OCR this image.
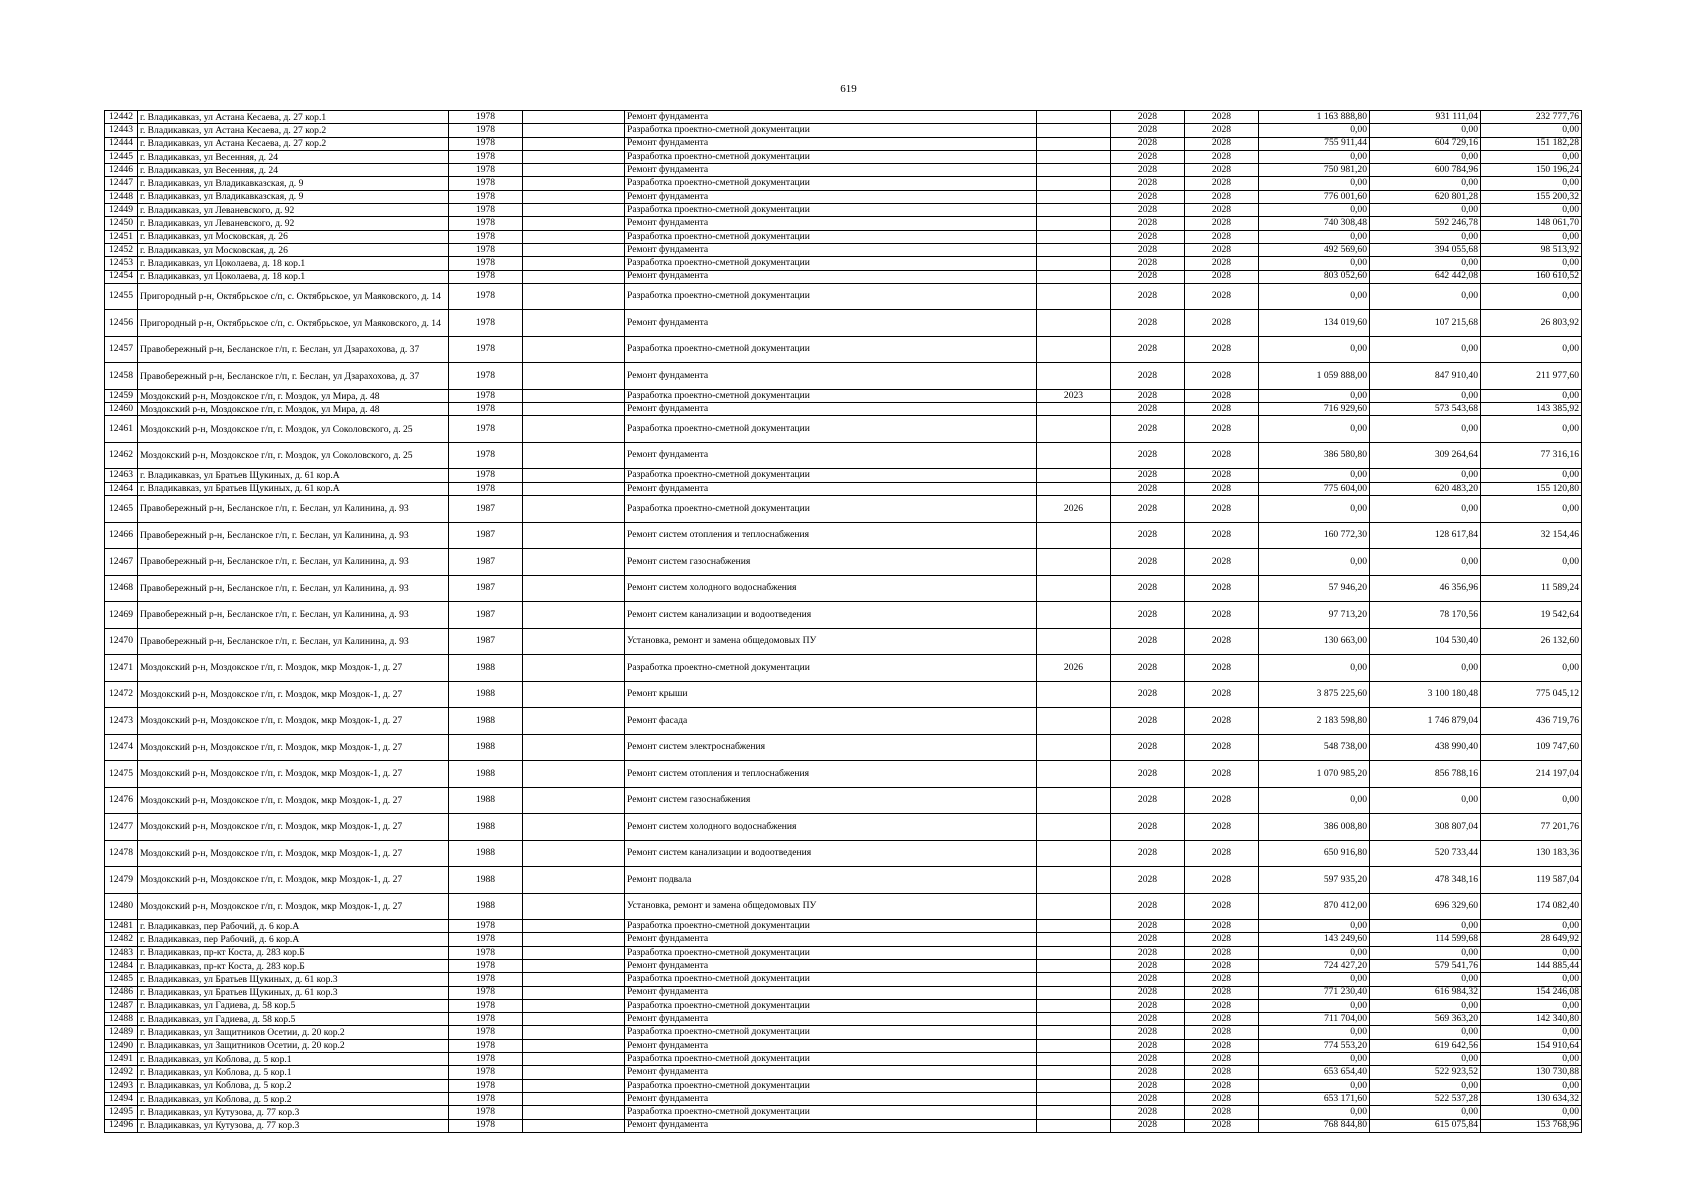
619
12442	г. Владикавказ, ул Астана Кесаева, д. 27 кор.1	1978		Ремонт фундамента		2028	2028	1 163 888,80	931 111,04	232 777,76
12443	г. Владикавказ, ул Астана Кесаева, д. 27 кор.2	1978		Разработка проектно-сметной документации		2028	2028	0,00	0,00	0,00
12444	г. Владикавказ, ул Астана Кесаева, д. 27 кор.2	1978		Ремонт фундамента		2028	2028	755 911,44	604 729,16	151 182,28
12445	г. Владикавказ, ул Весенняя, д. 24	1978		Разработка проектно-сметной документации		2028	2028	0,00	0,00	0,00
12446	г. Владикавказ, ул Весенняя, д. 24	1978		Ремонт фундамента		2028	2028	750 981,20	600 784,96	150 196,24
12447	г. Владикавказ, ул Владикавказская, д. 9	1978		Разработка проектно-сметной документации		2028	2028	0,00	0,00	0,00
12448	г. Владикавказ, ул Владикавказская, д. 9	1978		Ремонт фундамента		2028	2028	776 001,60	620 801,28	155 200,32
12449	г. Владикавказ, ул Леваневского, д. 92	1978		Разработка проектно-сметной документации		2028	2028	0,00	0,00	0,00
12450	г. Владикавказ, ул Леваневского, д. 92	1978		Ремонт фундамента		2028	2028	740 308,48	592 246,78	148 061,70
12451	г. Владикавказ, ул Московская, д. 26	1978		Разработка проектно-сметной документации		2028	2028	0,00	0,00	0,00
12452	г. Владикавказ, ул Московская, д. 26	1978		Ремонт фундамента		2028	2028	492 569,60	394 055,68	98 513,92
12453	г. Владикавказ, ул Цоколаева, д. 18 кор.1	1978		Разработка проектно-сметной документации		2028	2028	0,00	0,00	0,00
12454	г. Владикавказ, ул Цоколаева, д. 18 кор.1	1978		Ремонт фундамента		2028	2028	803 052,60	642 442,08	160 610,52
12455	Пригородный р-н, Октябрьское с/п, с. Октябрьское, ул Маяковского, д. 14	1978		Разработка проектно-сметной документации		2028	2028	0,00	0,00	0,00
12456	Пригородный р-н, Октябрьское с/п, с. Октябрьское, ул Маяковского, д. 14	1978		Ремонт фундамента		2028	2028	134 019,60	107 215,68	26 803,92
12457	Правобережный р-н, Бесланское г/п, г. Беслан, ул Дзарахохова, д. 37	1978		Разработка проектно-сметной документации		2028	2028	0,00	0,00	0,00
12458	Правобережный р-н, Бесланское г/п, г. Беслан, ул Дзарахохова, д. 37	1978		Ремонт фундамента		2028	2028	1 059 888,00	847 910,40	211 977,60
12459	Моздокский р-н, Моздокское г/п, г. Моздок, ул Мира, д. 48	1978		Разработка проектно-сметной документации	2023	2028	2028	0,00	0,00	0,00
12460	Моздокский р-н, Моздокское г/п, г. Моздок, ул Мира, д. 48	1978		Ремонт фундамента		2028	2028	716 929,60	573 543,68	143 385,92
12461	Моздокский р-н, Моздокское г/п, г. Моздок, ул Соколовского, д. 25	1978		Разработка проектно-сметной документации		2028	2028	0,00	0,00	0,00
12462	Моздокский р-н, Моздокское г/п, г. Моздок, ул Соколовского, д. 25	1978		Ремонт фундамента		2028	2028	386 580,80	309 264,64	77 316,16
12463	г. Владикавказ, ул Братьев Щукиных, д. 61 кор.А	1978		Разработка проектно-сметной документации		2028	2028	0,00	0,00	0,00
12464	г. Владикавказ, ул Братьев Щукиных, д. 61 кор.А	1978		Ремонт фундамента		2028	2028	775 604,00	620 483,20	155 120,80
12465	Правобережный р-н, Бесланское г/п, г. Беслан, ул Калинина, д. 93	1987		Разработка проектно-сметной документации	2026	2028	2028	0,00	0,00	0,00
12466	Правобережный р-н, Бесланское г/п, г. Беслан, ул Калинина, д. 93	1987		Ремонт систем отопления и теплоснабжения		2028	2028	160 772,30	128 617,84	32 154,46
12467	Правобережный р-н, Бесланское г/п, г. Беслан, ул Калинина, д. 93	1987		Ремонт систем газоснабжения		2028	2028	0,00	0,00	0,00
12468	Правобережный р-н, Бесланское г/п, г. Беслан, ул Калинина, д. 93	1987		Ремонт систем холодного водоснабжения		2028	2028	57 946,20	46 356,96	11 589,24
12469	Правобережный р-н, Бесланское г/п, г. Беслан, ул Калинина, д. 93	1987		Ремонт систем канализации и водоотведения		2028	2028	97 713,20	78 170,56	19 542,64
12470	Правобережный р-н, Бесланское г/п, г. Беслан, ул Калинина, д. 93	1987		Установка, ремонт и замена общедомовых ПУ		2028	2028	130 663,00	104 530,40	26 132,60
12471	Моздокский р-н, Моздокское г/п, г. Моздок, мкр Моздок-1, д. 27	1988		Разработка проектно-сметной документации	2026	2028	2028	0,00	0,00	0,00
12472	Моздокский р-н, Моздокское г/п, г. Моздок, мкр Моздок-1, д. 27	1988		Ремонт крыши		2028	2028	3 875 225,60	3 100 180,48	775 045,12
12473	Моздокский р-н, Моздокское г/п, г. Моздок, мкр Моздок-1, д. 27	1988		Ремонт фасада		2028	2028	2 183 598,80	1 746 879,04	436 719,76
12474	Моздокский р-н, Моздокское г/п, г. Моздок, мкр Моздок-1, д. 27	1988		Ремонт систем электроснабжения		2028	2028	548 738,00	438 990,40	109 747,60
12475	Моздокский р-н, Моздокское г/п, г. Моздок, мкр Моздок-1, д. 27	1988		Ремонт систем отопления и теплоснабжения		2028	2028	1 070 985,20	856 788,16	214 197,04
12476	Моздокский р-н, Моздокское г/п, г. Моздок, мкр Моздок-1, д. 27	1988		Ремонт систем газоснабжения		2028	2028	0,00	0,00	0,00
12477	Моздокский р-н, Моздокское г/п, г. Моздок, мкр Моздок-1, д. 27	1988		Ремонт систем холодного водоснабжения		2028	2028	386 008,80	308 807,04	77 201,76
12478	Моздокский р-н, Моздокское г/п, г. Моздок, мкр Моздок-1, д. 27	1988		Ремонт систем канализации и водоотведения		2028	2028	650 916,80	520 733,44	130 183,36
12479	Моздокский р-н, Моздокское г/п, г. Моздок, мкр Моздок-1, д. 27	1988		Ремонт подвала		2028	2028	597 935,20	478 348,16	119 587,04
12480	Моздокский р-н, Моздокское г/п, г. Моздок, мкр Моздок-1, д. 27	1988		Установка, ремонт и замена общедомовых ПУ		2028	2028	870 412,00	696 329,60	174 082,40
12481	г. Владикавказ, пер Рабочий, д. 6 кор.А	1978		Разработка проектно-сметной документации		2028	2028	0,00	0,00	0,00
12482	г. Владикавказ, пер Рабочий, д. 6 кор.А	1978		Ремонт фундамента		2028	2028	143 249,60	114 599,68	28 649,92
12483	г. Владикавказ, пр-кт Коста, д. 283 кор.Б	1978		Разработка проектно-сметной документации		2028	2028	0,00	0,00	0,00
12484	г. Владикавказ, пр-кт Коста, д. 283 кор.Б	1978		Ремонт фундамента		2028	2028	724 427,20	579 541,76	144 885,44
12485	г. Владикавказ, ул Братьев Щукиных, д. 61 кор.3	1978		Разработка проектно-сметной документации		2028	2028	0,00	0,00	0,00
12486	г. Владикавказ, ул Братьев Щукиных, д. 61 кор.3	1978		Ремонт фундамента		2028	2028	771 230,40	616 984,32	154 246,08
12487	г. Владикавказ, ул Гадиева, д. 58 кор.5	1978		Разработка проектно-сметной документации		2028	2028	0,00	0,00	0,00
12488	г. Владикавказ, ул Гадиева, д. 58 кор.5	1978		Ремонт фундамента		2028	2028	711 704,00	569 363,20	142 340,80
12489	г. Владикавказ, ул Защитников Осетии, д. 20 кор.2	1978		Разработка проектно-сметной документации		2028	2028	0,00	0,00	0,00
12490	г. Владикавказ, ул Защитников Осетии, д. 20 кор.2	1978		Ремонт фундамента		2028	2028	774 553,20	619 642,56	154 910,64
12491	г. Владикавказ, ул Коблова, д. 5 кор.1	1978		Разработка проектно-сметной документации		2028	2028	0,00	0,00	0,00
12492	г. Владикавказ, ул Коблова, д. 5 кор.1	1978		Ремонт фундамента		2028	2028	653 654,40	522 923,52	130 730,88
12493	г. Владикавказ, ул Коблова, д. 5 кор.2	1978		Разработка проектно-сметной документации		2028	2028	0,00	0,00	0,00
12494	г. Владикавказ, ул Коблова, д. 5 кор.2	1978		Ремонт фундамента		2028	2028	653 171,60	522 537,28	130 634,32
12495	г. Владикавказ, ул Кутузова, д. 77 кор.3	1978		Разработка проектно-сметной документации		2028	2028	0,00	0,00	0,00
12496	г. Владикавказ, ул Кутузова, д. 77 кор.3	1978		Ремонт фундамента		2028	2028	768 844,80	615 075,84	153 768,96
